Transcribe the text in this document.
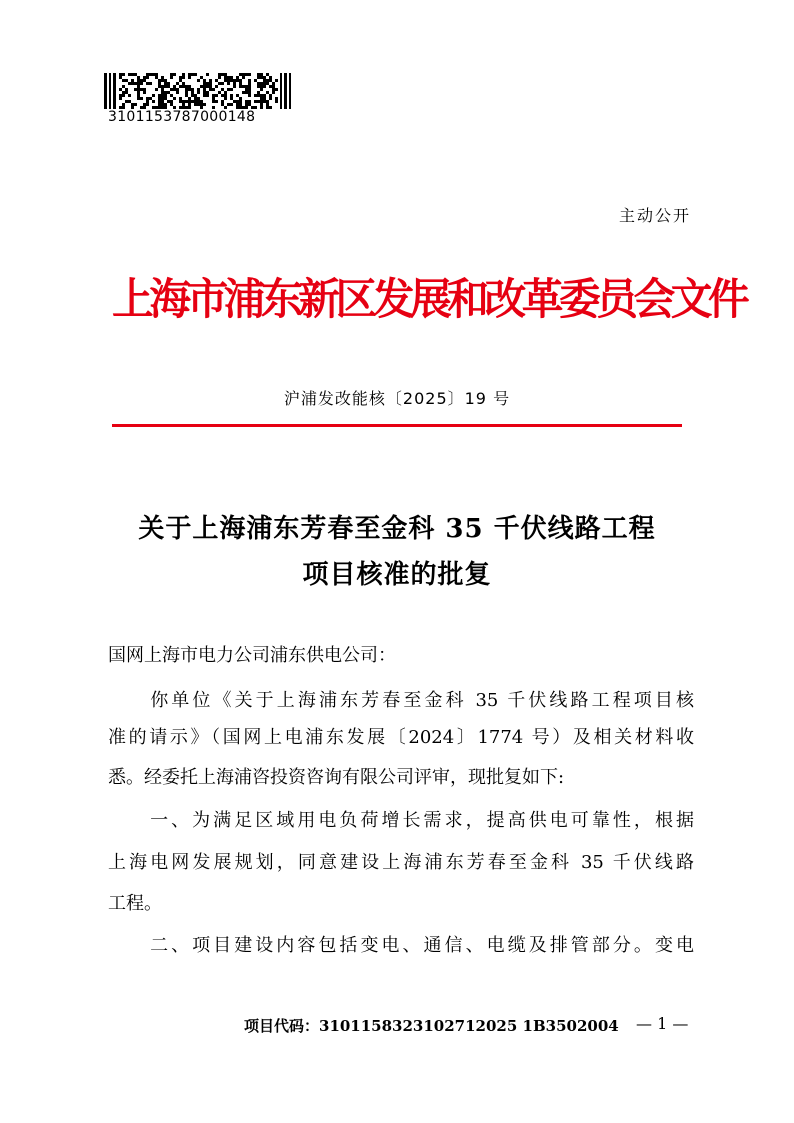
3101153787000148
主动公开
上海市浦东新区发展和改革委员会文件
沪浦发改能核〔2025〕19 号
关于上海浦东芳春至金科 35 千伏线路工程
项目核准的批复
国网上海市电力公司浦东供电公司：
　　你单位《关于上海浦东芳春至金科 35 千伏线路工程项目核
准的请示》（国网上电浦东发展〔2024〕1774 号）及相关材料收
悉。经委托上海浦咨投资咨询有限公司评审，现批复如下:
　　一、为满足区域用电负荷增长需求，提高供电可靠性，根据
上海电网发展规划，同意建设上海浦东芳春至金科 35 千伏线路
工程。
　　二、项目建设内容包括变电、通信、电缆及排管部分。变电
项目代码：3101158323102712025 1B3502004 — 1 —
